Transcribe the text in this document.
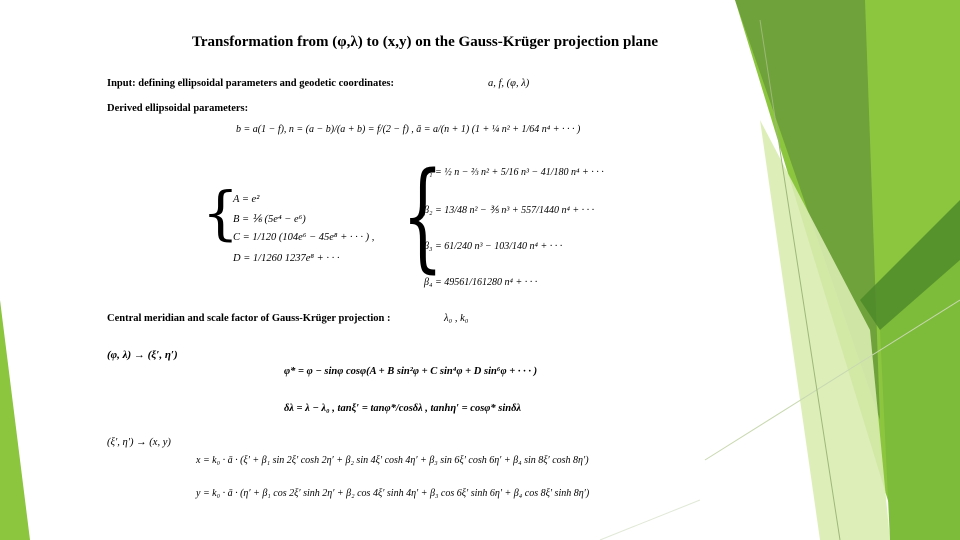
Transformation from (φ,λ) to (x,y) on the Gauss-Krüger projection plane
Input: defining ellipsoidal parameters and geodetic coordinates:	a, f, (φ, λ)
Derived ellipsoidal parameters:
b = a(1 − f), n = (a − b)/(a + b) = f/(2 − f) , ā = a/(n + 1) (1 + ¼ n² + 1/64 n⁴ + · · · )
{
A = e²
B = ⅙ (5e⁴ − e⁶)
C = 1/120 (104e⁶ − 45e⁸ + · · · ) ,
D = 1/1260 1237e⁸ + · · · {
β₁ = ½ n − ⅔ n² + 5/16 n³ − 41/180 n⁴ + · · ·
β₂ = 13/48 n² − ⅗ n³ + 557/1440 n⁴ + · · ·
β₃ = 61/240 n³ − 103/140 n⁴ + · · ·
β₄ = 49561/161280 n⁴ + · · ·
Central meridian and scale factor of Gauss-Krüger projection :	λ₀ , k₀
(φ, λ) → (ξ′, η′)
φ* = φ − sinφ cosφ(A + B sin²φ + C sin⁴φ + D sin⁶φ + · · · )
δλ = λ − λ₀ , tanξ′ = tanφ*/cosδλ , tanhη′ = cosφ* sinδλ
(ξ′, η′) → (x, y)
x = k₀ · ā · (ξ′ + β₁ sin 2ξ′ cosh 2η′ + β₂ sin 4ξ′ cosh 4η′ + β₃ sin 6ξ′ cosh 6η′ + β₄ sin 8ξ′ cosh 8η′)
y = k₀ · ā · (η′ + β₁ cos 2ξ′ sinh 2η′ + β₂ cos 4ξ′ sinh 4η′ + β₃ cos 6ξ′ sinh 6η′ + β₄ cos 8ξ′ sinh 8η′)
